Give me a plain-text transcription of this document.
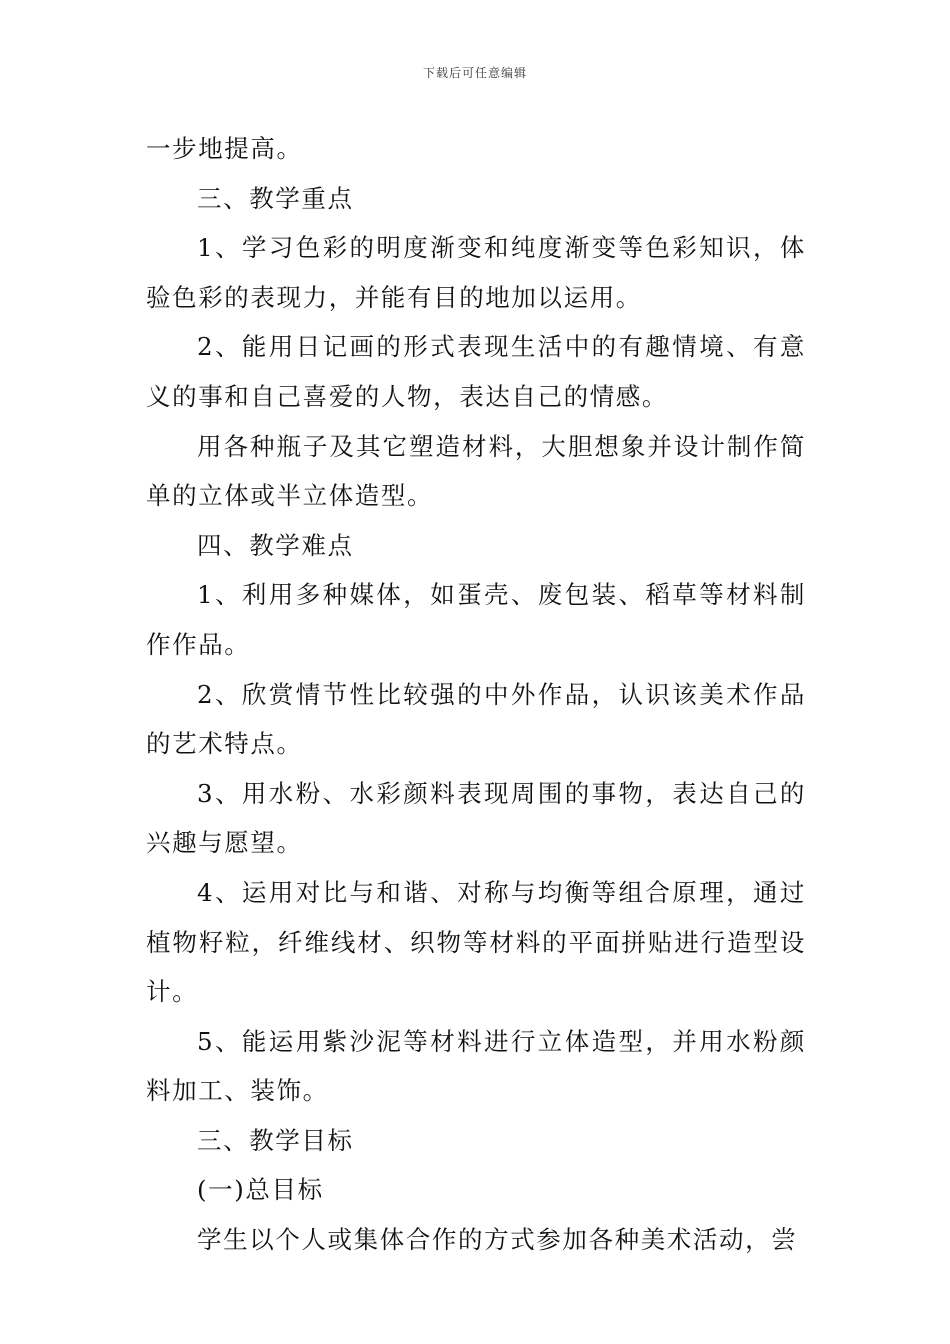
下载后可任意编辑

一步地提高。

三、教学重点

1、学习色彩的明度渐变和纯度渐变等色彩知识，体验色彩的表现力，并能有目的地加以运用。

2、能用日记画的形式表现生活中的有趣情境、有意义的事和自己喜爱的人物，表达自己的情感。

用各种瓶子及其它塑造材料，大胆想象并设计制作简单的立体或半立体造型。

四、教学难点

1、利用多种媒体，如蛋壳、废包装、稻草等材料制作作品。

2、欣赏情节性比较强的中外作品，认识该美术作品的艺术特点。

3、用水粉、水彩颜料表现周围的事物，表达自己的兴趣与愿望。

4、运用对比与和谐、对称与均衡等组合原理，通过植物籽粒，纤维线材、织物等材料的平面拼贴进行造型设计。

5、能运用紫沙泥等材料进行立体造型，并用水粉颜料加工、装饰。

三、教学目标

(一)总目标

学生以个人或集体合作的方式参加各种美术活动，尝
